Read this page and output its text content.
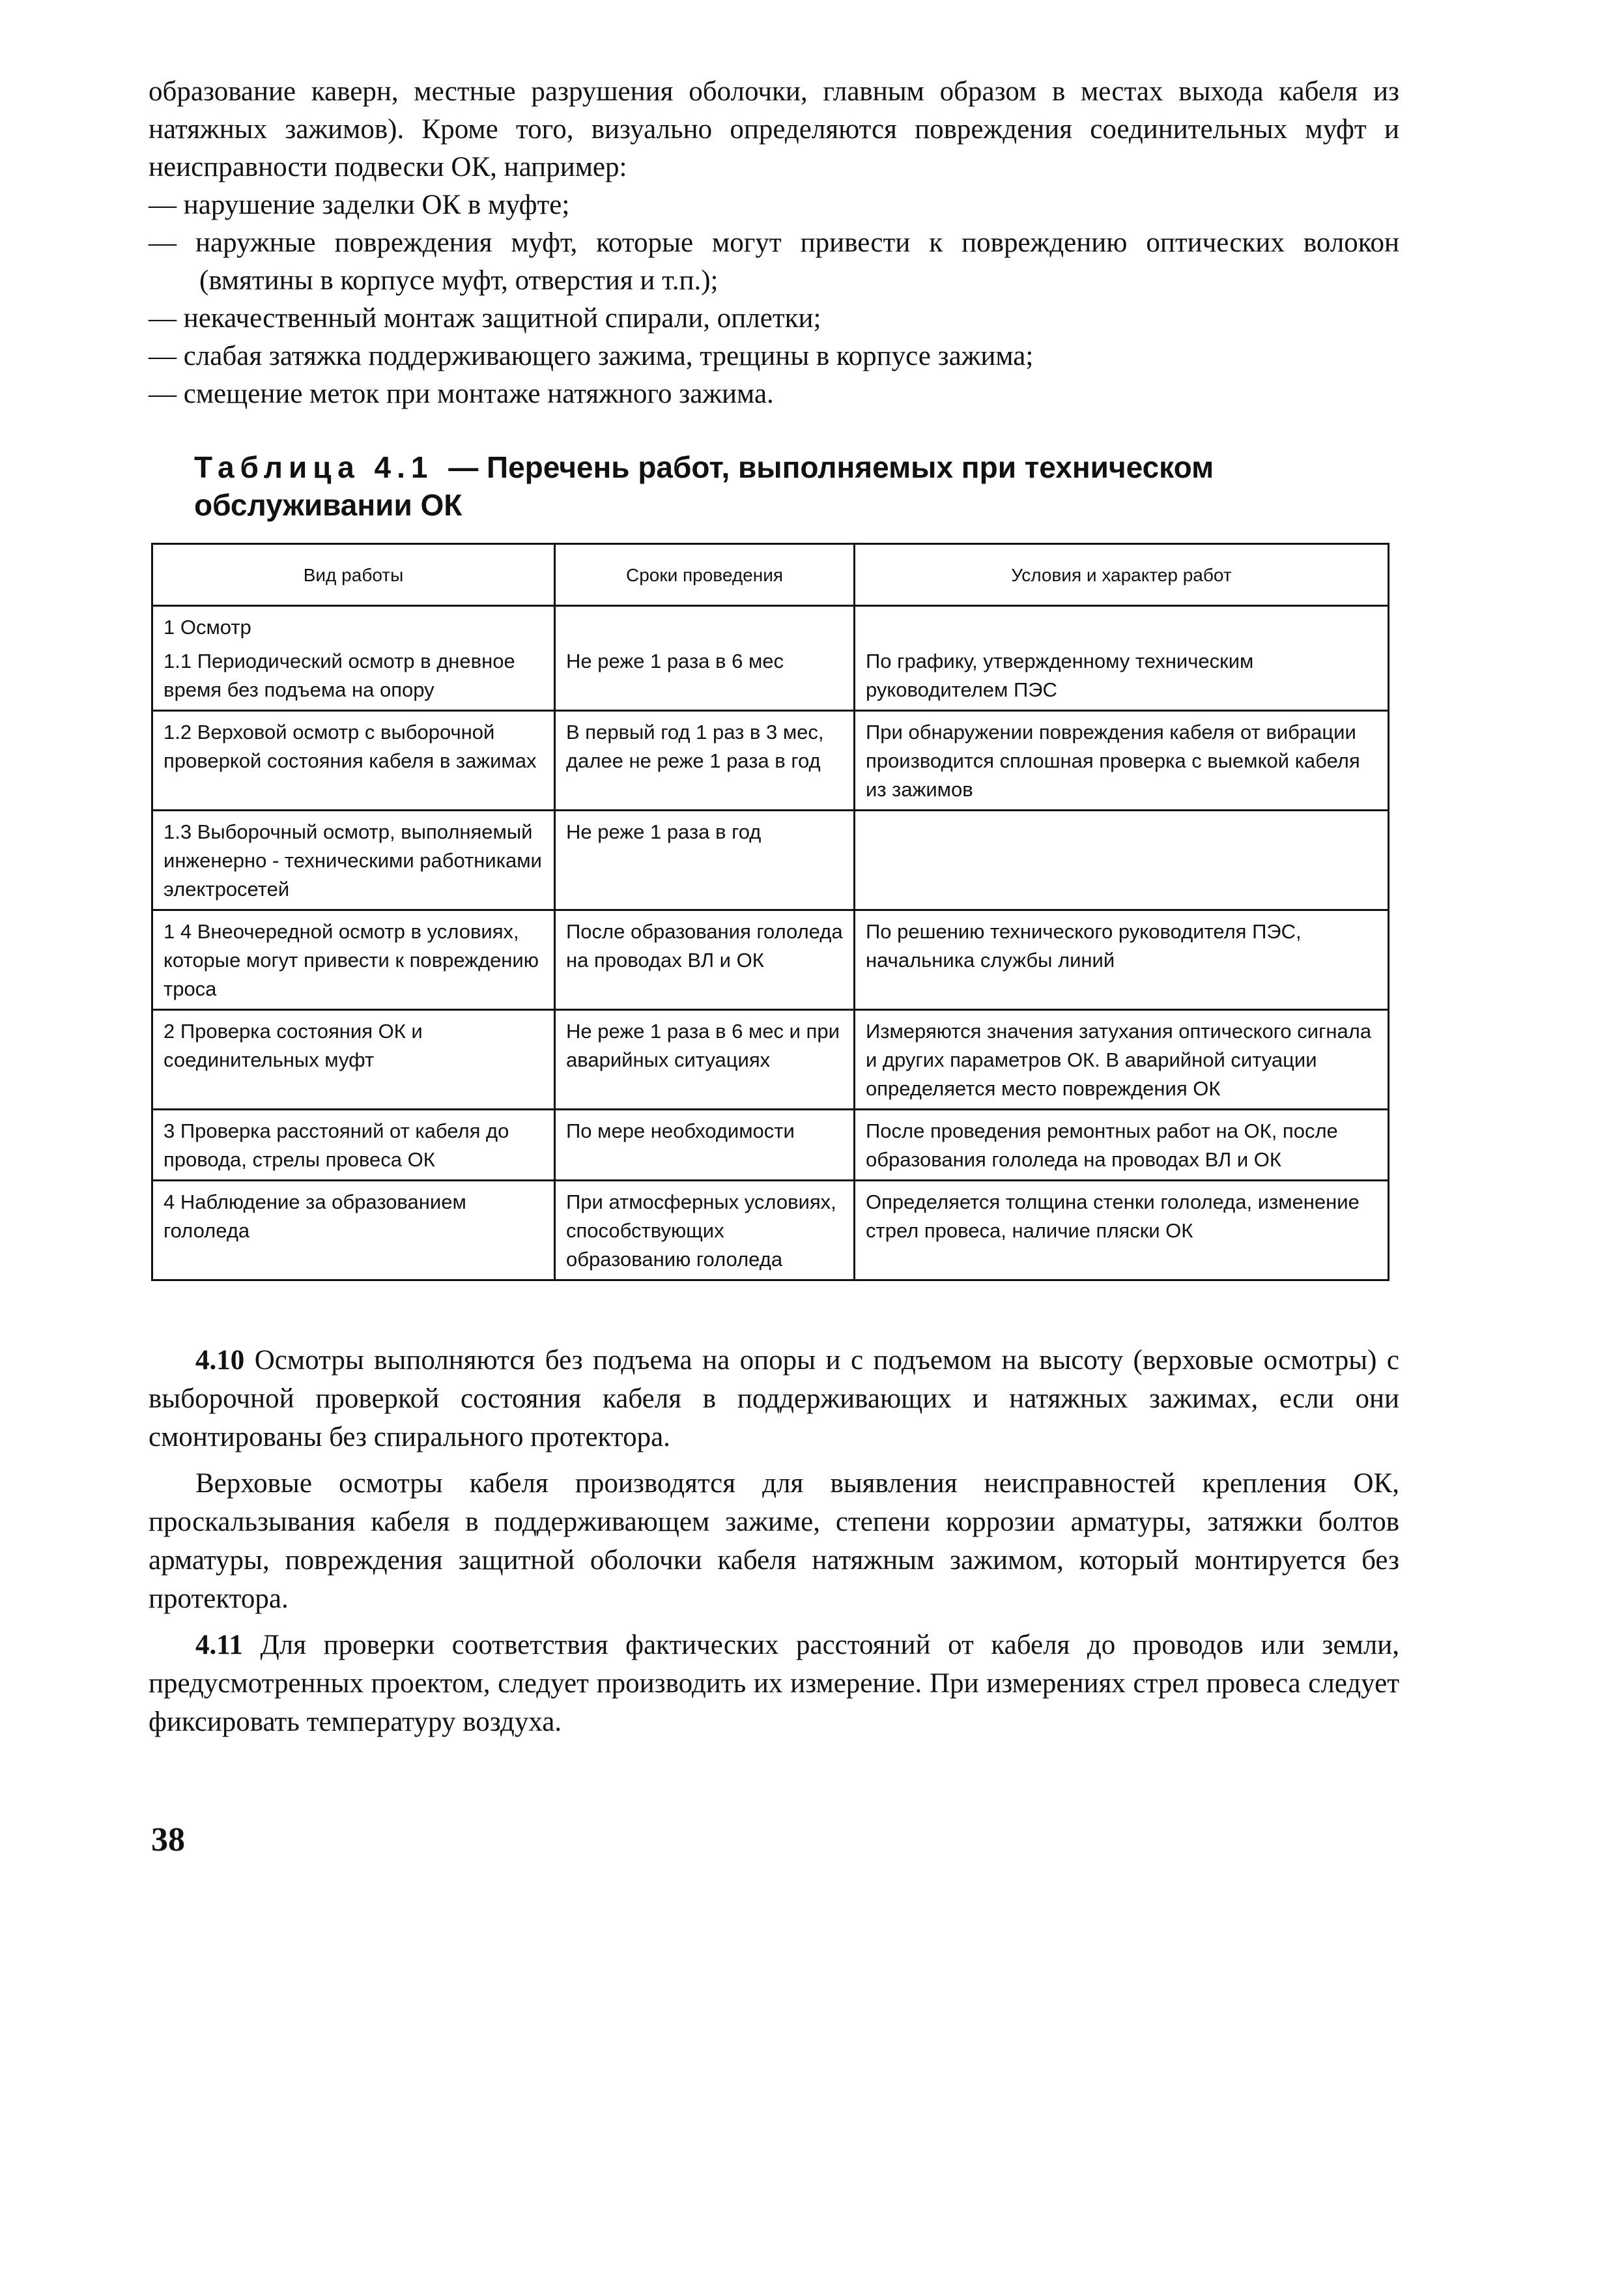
образование каверн, местные разрушения оболочки, главным образом в местах выхода кабеля из натяжных зажимов). Кроме того, визуально определяются повреждения соединительных муфт и неисправности подвески ОК, например:

— нарушение заделки ОК в муфте;

— наружные повреждения муфт, которые могут привести к повреждению оптических волокон (вмятины в корпусе муфт, отверстия и т.п.);

— некачественный монтаж защитной спирали, оплетки;

— слабая затяжка поддерживающего зажима, трещины в корпусе зажима;

— смещение меток при монтаже натяжного зажима.

Таблица 4.1 — Перечень работ, выполняемых при техническом обслуживании ОК
Вид работы	Сроки проведения	Условия и характер работ
1 Осмотр		
1.1 Периодический осмотр в дневное время без подъема на опору	Не реже 1 раза в 6 мес	По графику, утвержденному техническим руководителем ПЭС
1.2 Верховой осмотр с выборочной проверкой состояния кабеля в зажимах	В первый год 1 раз в 3 мес, далее не реже 1 раза в год	При обнаружении повреждения кабеля от вибрации производится сплошная проверка с выемкой кабеля из зажимов
1.3 Выборочный осмотр, выполняемый инженерно - техническими работниками электросетей	Не реже 1 раза в год	
1 4 Внеочередной осмотр в условиях, которые могут привести к повреждению троса	После образования гололеда на проводах ВЛ и ОК	По решению технического руководителя ПЭС, начальника службы линий
2 Проверка состояния ОК и соединительных муфт	Не реже 1 раза в 6 мес и при аварийных ситуациях	Измеряются значения затухания оптического сигнала и других параметров ОК. В аварийной ситуации определяется место повреждения ОК
3 Проверка расстояний от кабеля до провода, стрелы провеса ОК	По мере необходимости	После проведения ремонтных работ на ОК, после образования гололеда на проводах ВЛ и ОК
4 Наблюдение за образованием гололеда	При атмосферных условиях, способствующих образованию гололеда	Определяется толщина стенки гололеда, изменение стрел провеса, наличие пляски ОК

4.10 Осмотры выполняются без подъема на опоры и с подъемом на высоту (верховые осмотры) с выборочной проверкой состояния кабеля в поддерживающих и натяжных зажимах, если они смонтированы без спирального протектора.

Верховые осмотры кабеля производятся для выявления неисправностей крепления ОК, проскальзывания кабеля в поддерживающем зажиме, степени коррозии арматуры, затяжки болтов арматуры, повреждения защитной оболочки кабеля натяжным зажимом, который монтируется без протектора.

4.11 Для проверки соответствия фактических расстояний от кабеля до проводов или земли, предусмотренных проектом, следует производить их измерение. При измерениях стрел провеса следует фиксировать температуру воздуха.

38
